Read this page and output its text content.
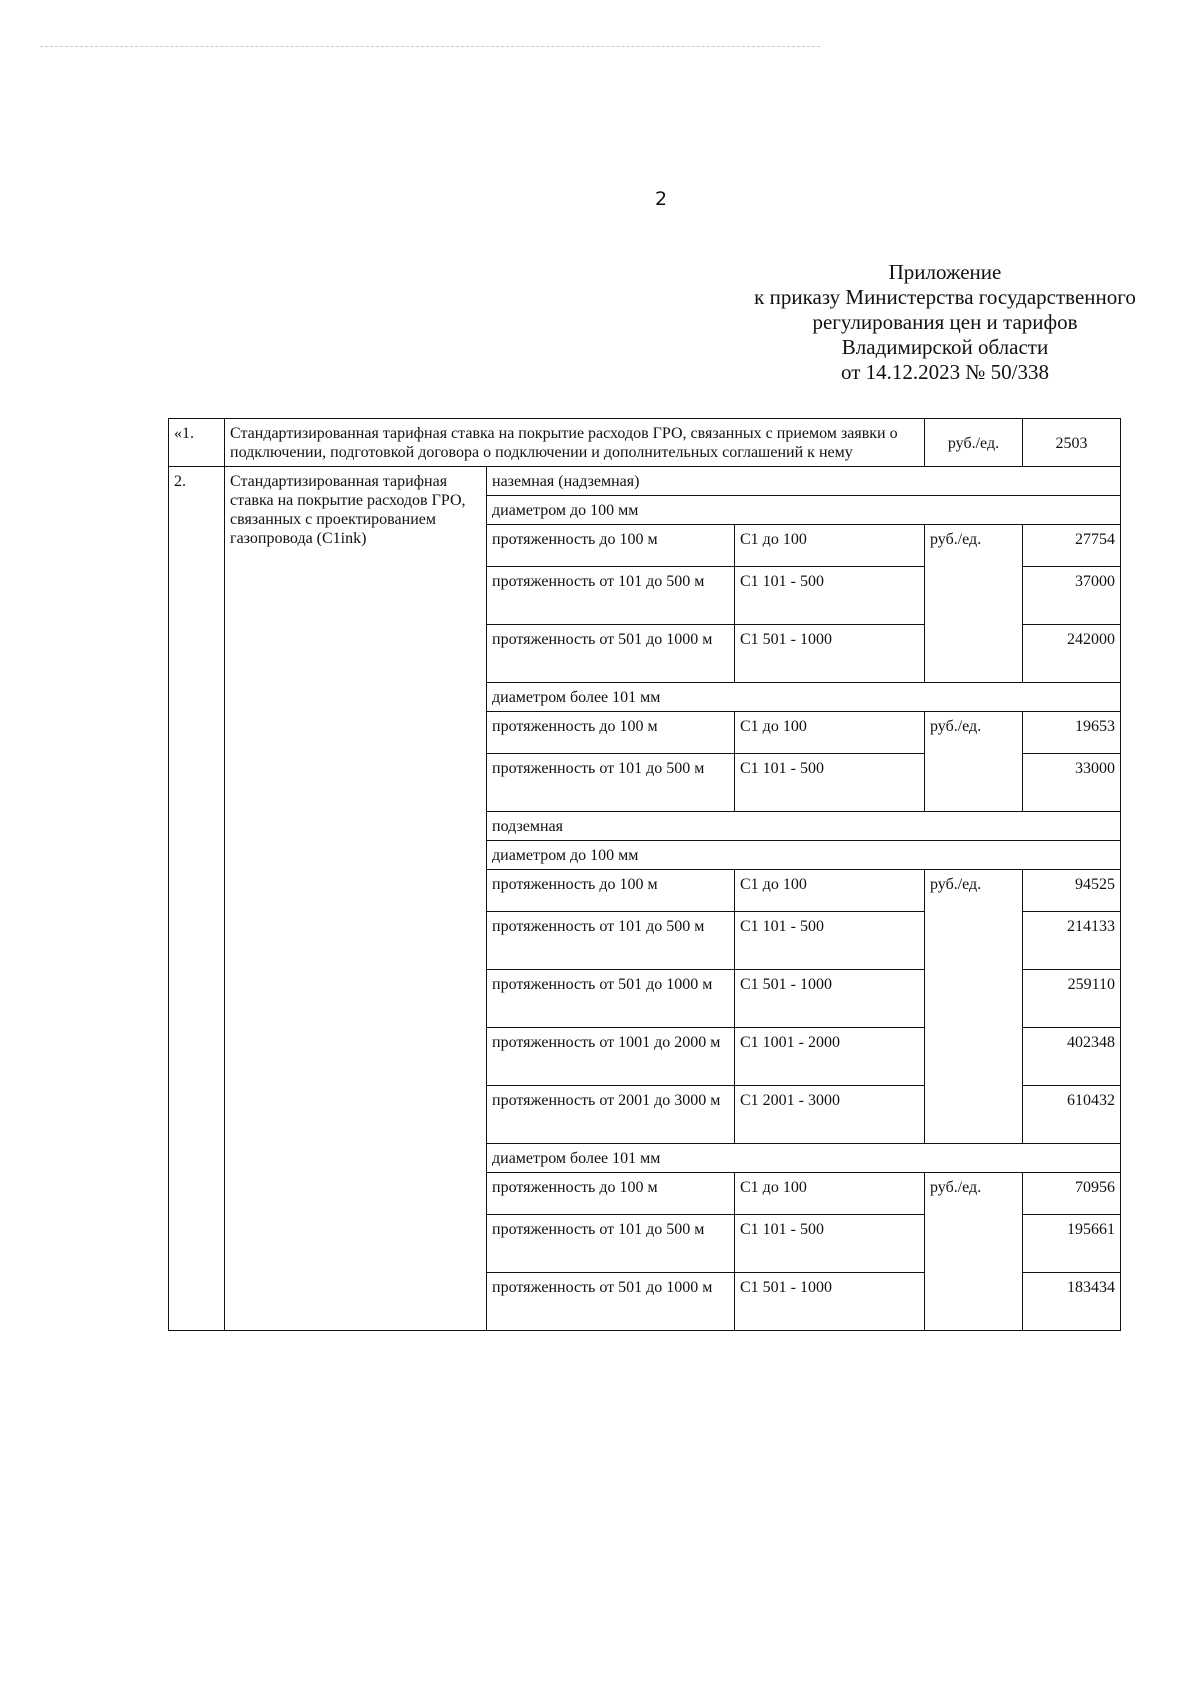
2
Приложение
к приказу Министерства государственного
регулирования цен и тарифов
Владимирской области
от 14.12.2023 № 50/338
«1.	Стандартизированная тарифная ставка на покрытие расходов ГРО, связанных с приемом заявки о подключении, подготовкой договора о подключении и дополнительных соглашений к нему			руб./ед.	2503
2.	Стандартизированная тарифная ставка на покрытие расходов ГРО, связанных с проектированием газопровода (C1ink)	наземная (надземная)			
		диаметром до 100 мм			
		протяженность до 100 м	C1 до 100	руб./ед.	27754
		протяженность от 101 до 500 м	C1 101 - 500		37000
		протяженность от 501 до 1000 м	C1 501 - 1000		242000
		диаметром более 101 мм			
		протяженность до 100 м	C1 до 100	руб./ед.	19653
		протяженность от 101 до 500 м	C1 101 - 500		33000
		подземная			
		диаметром до 100 мм			
		протяженность до 100 м	C1 до 100	руб./ед.	94525
		протяженность от 101 до 500 м	C1 101 - 500		214133
		протяженность от 501 до 1000 м	C1 501 - 1000		259110
		протяженность от 1001 до 2000 м	C1 1001 - 2000		402348
		протяженность от 2001 до 3000 м	C1 2001 - 3000		610432
		диаметром более 101 мм			
		протяженность до 100 м	C1 до 100	руб./ед.	70956
		протяженность от 101 до 500 м	C1 101 - 500		195661
		протяженность от 501 до 1000 м	C1 501 - 1000		183434
